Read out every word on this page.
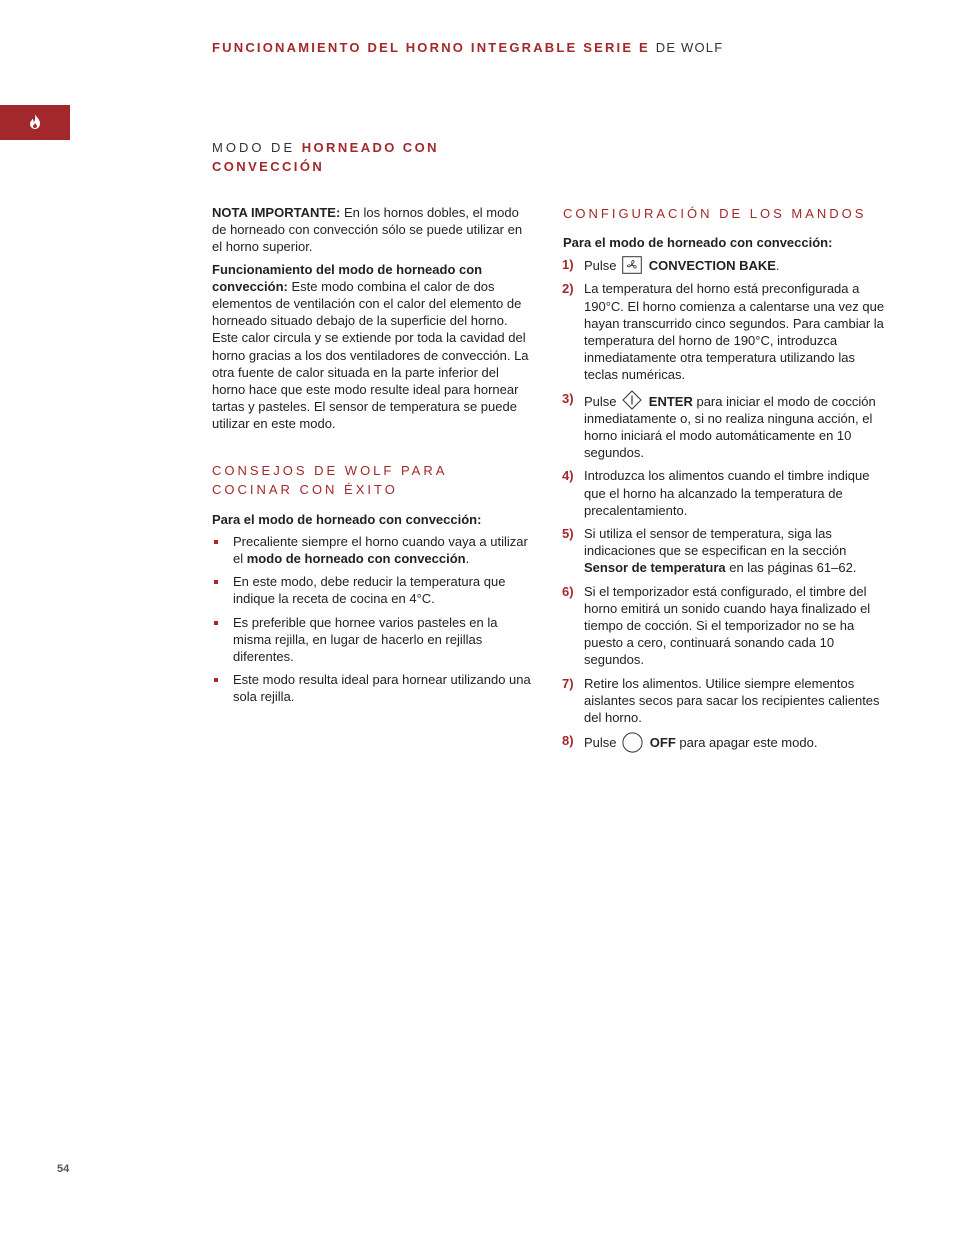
FUNCIONAMIENTO DEL HORNO INTEGRABLE SERIE E DE WOLF
MODO DE HORNEADO CON
CONVECCIÓN

NOTA IMPORTANTE: En los hornos dobles, el modo de horneado con convección sólo se puede utilizar en el horno superior.

Funcionamiento del modo de horneado con convección: Este modo combina el calor de dos elementos de ventilación con el calor del elemento de horneado situado debajo de la superficie del horno. Este calor circula y se extiende por toda la cavidad del horno gracias a los dos ventiladores de convección. La otra fuente de calor situada en la parte inferior del horno hace que este modo resulte ideal para hornear tartas y pasteles. El sensor de temperatura se puede utilizar en este modo.

CONSEJOS DE WOLF PARA
COCINAR CON ÉXITO

Para el modo de horneado con convección:

Precaliente siempre el horno cuando vaya a utilizar el modo de horneado con convección.
En este modo, debe reducir la temperatura que indique la receta de cocina en 4°C.
Es preferible que hornee varios pasteles en la misma rejilla, en lugar de hacerlo en rejillas diferentes.
Este modo resulta ideal para hornear utilizando una sola rejilla.
CONFIGURACIÓN DE LOS MANDOS

Para el modo de horneado con convección:

1) Pulse CONVECTION BAKE.
2) La temperatura del horno está preconfigurada a 190°C. El horno comienza a calentarse una vez que hayan transcurrido cinco segundos. Para cambiar la temperatura del horno de 190°C, introduzca inmediatamente otra temperatura utilizando las teclas numéricas.
3) Pulse ENTER para iniciar el modo de cocción inmediatamente o, si no realiza ninguna acción, el horno iniciará el modo automáticamente en 10 segundos.
4) Introduzca los alimentos cuando el timbre indique que el horno ha alcanzado la temperatura de precalentamiento.
5) Si utiliza el sensor de temperatura, siga las indicaciones que se especifican en la sección Sensor de temperatura en las páginas 61–62.
6) Si el temporizador está configurado, el timbre del horno emitirá un sonido cuando haya finalizado el tiempo de cocción. Si el temporizador no se ha puesto a cero, continuará sonando cada 10 segundos.
7) Retire los alimentos. Utilice siempre elementos aislantes secos para sacar los recipientes calientes del horno.
8) Pulse	OFF para apagar este modo.
54
